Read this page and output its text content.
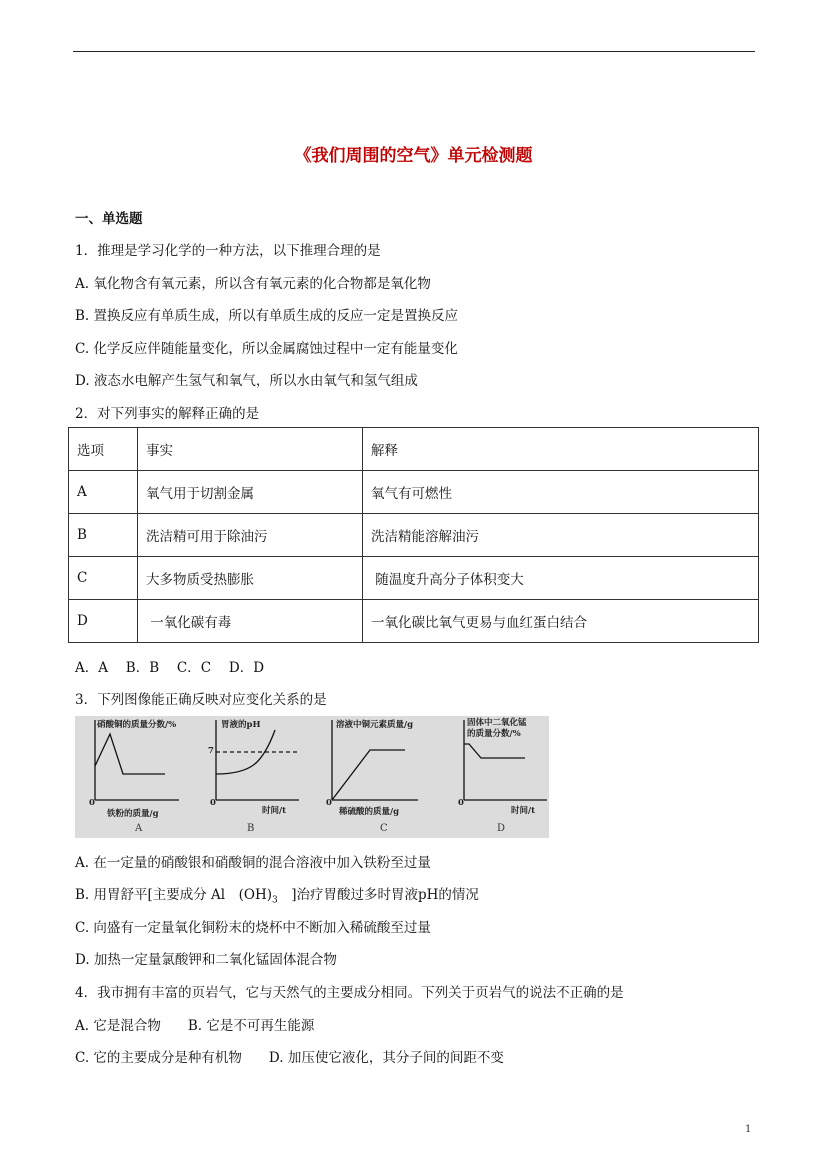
《我们周围的空气》单元检测题
一、单选题
1．推理是学习化学的一种方法，以下推理合理的是
A. 氧化物含有氧元素，所以含有氧元素的化合物都是氧化物
B. 置换反应有单质生成，所以有单质生成的反应一定是置换反应
C. 化学反应伴随能量变化，所以金属腐蚀过程中一定有能量变化
D. 液态水电解产生氢气和氧气，所以水由氧气和氢气组成
2．对下列事实的解释正确的是
选项	事实	解释
A	氧气用于切割金属	氧气有可燃性
B	洗洁精可用于除油污	洗洁精能溶解油污
C	大多物质受热膨胀	随温度升高分子体积变大
D	一氧化碳有毒	一氧化碳比氧气更易与血红蛋白结合
A．A　 B．B　 C．C　 D．D
3．下列图像能正确反映对应变化关系的是
硝酸铜的质量分数/%
0
铁粉的质量/g
A
胃液的pH
7
0
时间/t
B
溶液中铜元素质量/g
0
稀硫酸的质量/g
C
固体中二氧化锰
的质量分数/%
0
时间/t
D
A. 在一定量的硝酸银和硝酸铜的混合溶液中加入铁粉至过量
B. 用胃舒平[主要成分 Al　$(OH)_3$　]治疗胃酸过多时胃液pH的情况
C. 向盛有一定量氧化铜粉末的烧杯中不断加入稀硫酸至过量
D. 加热一定量氯酸钾和二氧化锰固体混合物
4．我市拥有丰富的页岩气，它与天然气的主要成分相同。下列关于页岩气的说法不正确的是
A. 它是混合物　　B. 它是不可再生能源
C. 它的主要成分是种有机物　　D. 加压使它液化，其分子间的间距不变
1
